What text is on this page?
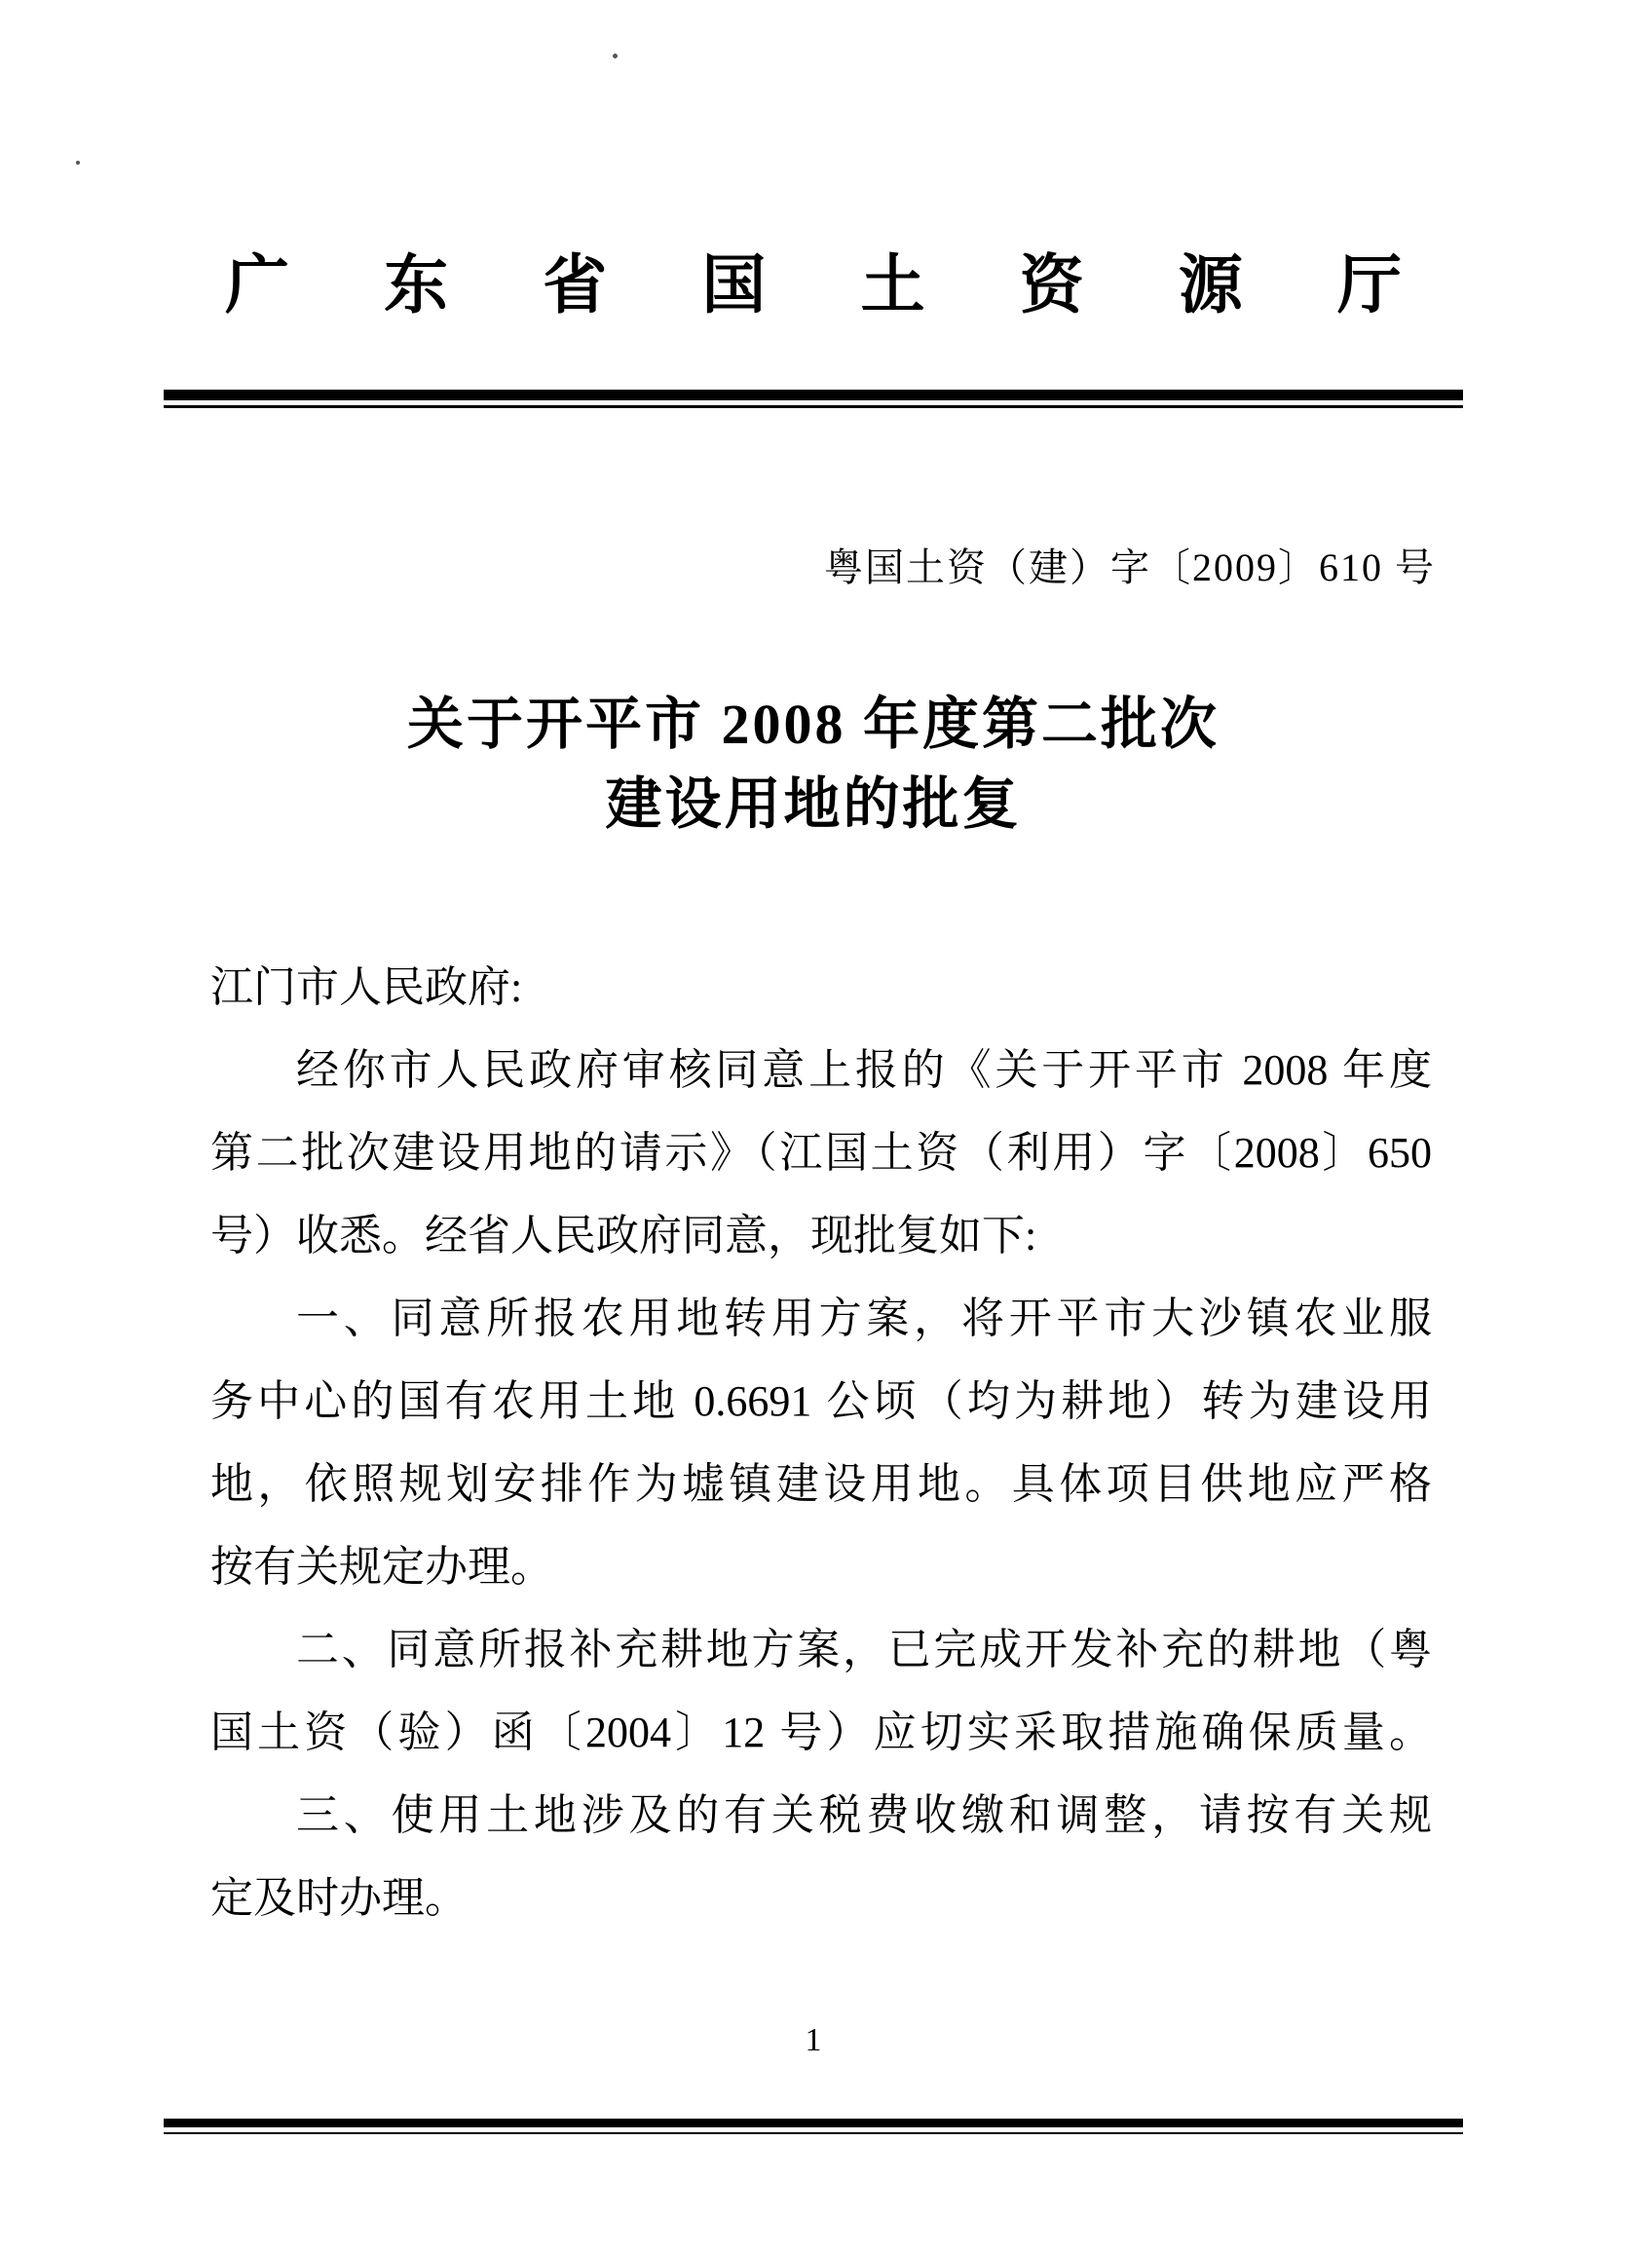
广 东 省 国 土 资 源 厅
粤国土资（建）字〔2009〕610 号
关于开平市 2008 年度第二批次
建设用地的批复
江门市人民政府:
经你市人民政府审核同意上报的《关于开平市 2008 年度
第二批次建设用地的请示》（江国土资（利用）字〔2008〕650
号）收悉。经省人民政府同意，现批复如下:
一、同意所报农用地转用方案，将开平市大沙镇农业服
务中心的国有农用土地 0.6691 公顷（均为耕地）转为建设用
地，依照规划安排作为墟镇建设用地。具体项目供地应严格
按有关规定办理。
二、同意所报补充耕地方案，已完成开发补充的耕地（粤
国土资（验）函〔2004〕12 号）应切实采取措施确保质量。
三、使用土地涉及的有关税费收缴和调整，请按有关规
定及时办理。
1
